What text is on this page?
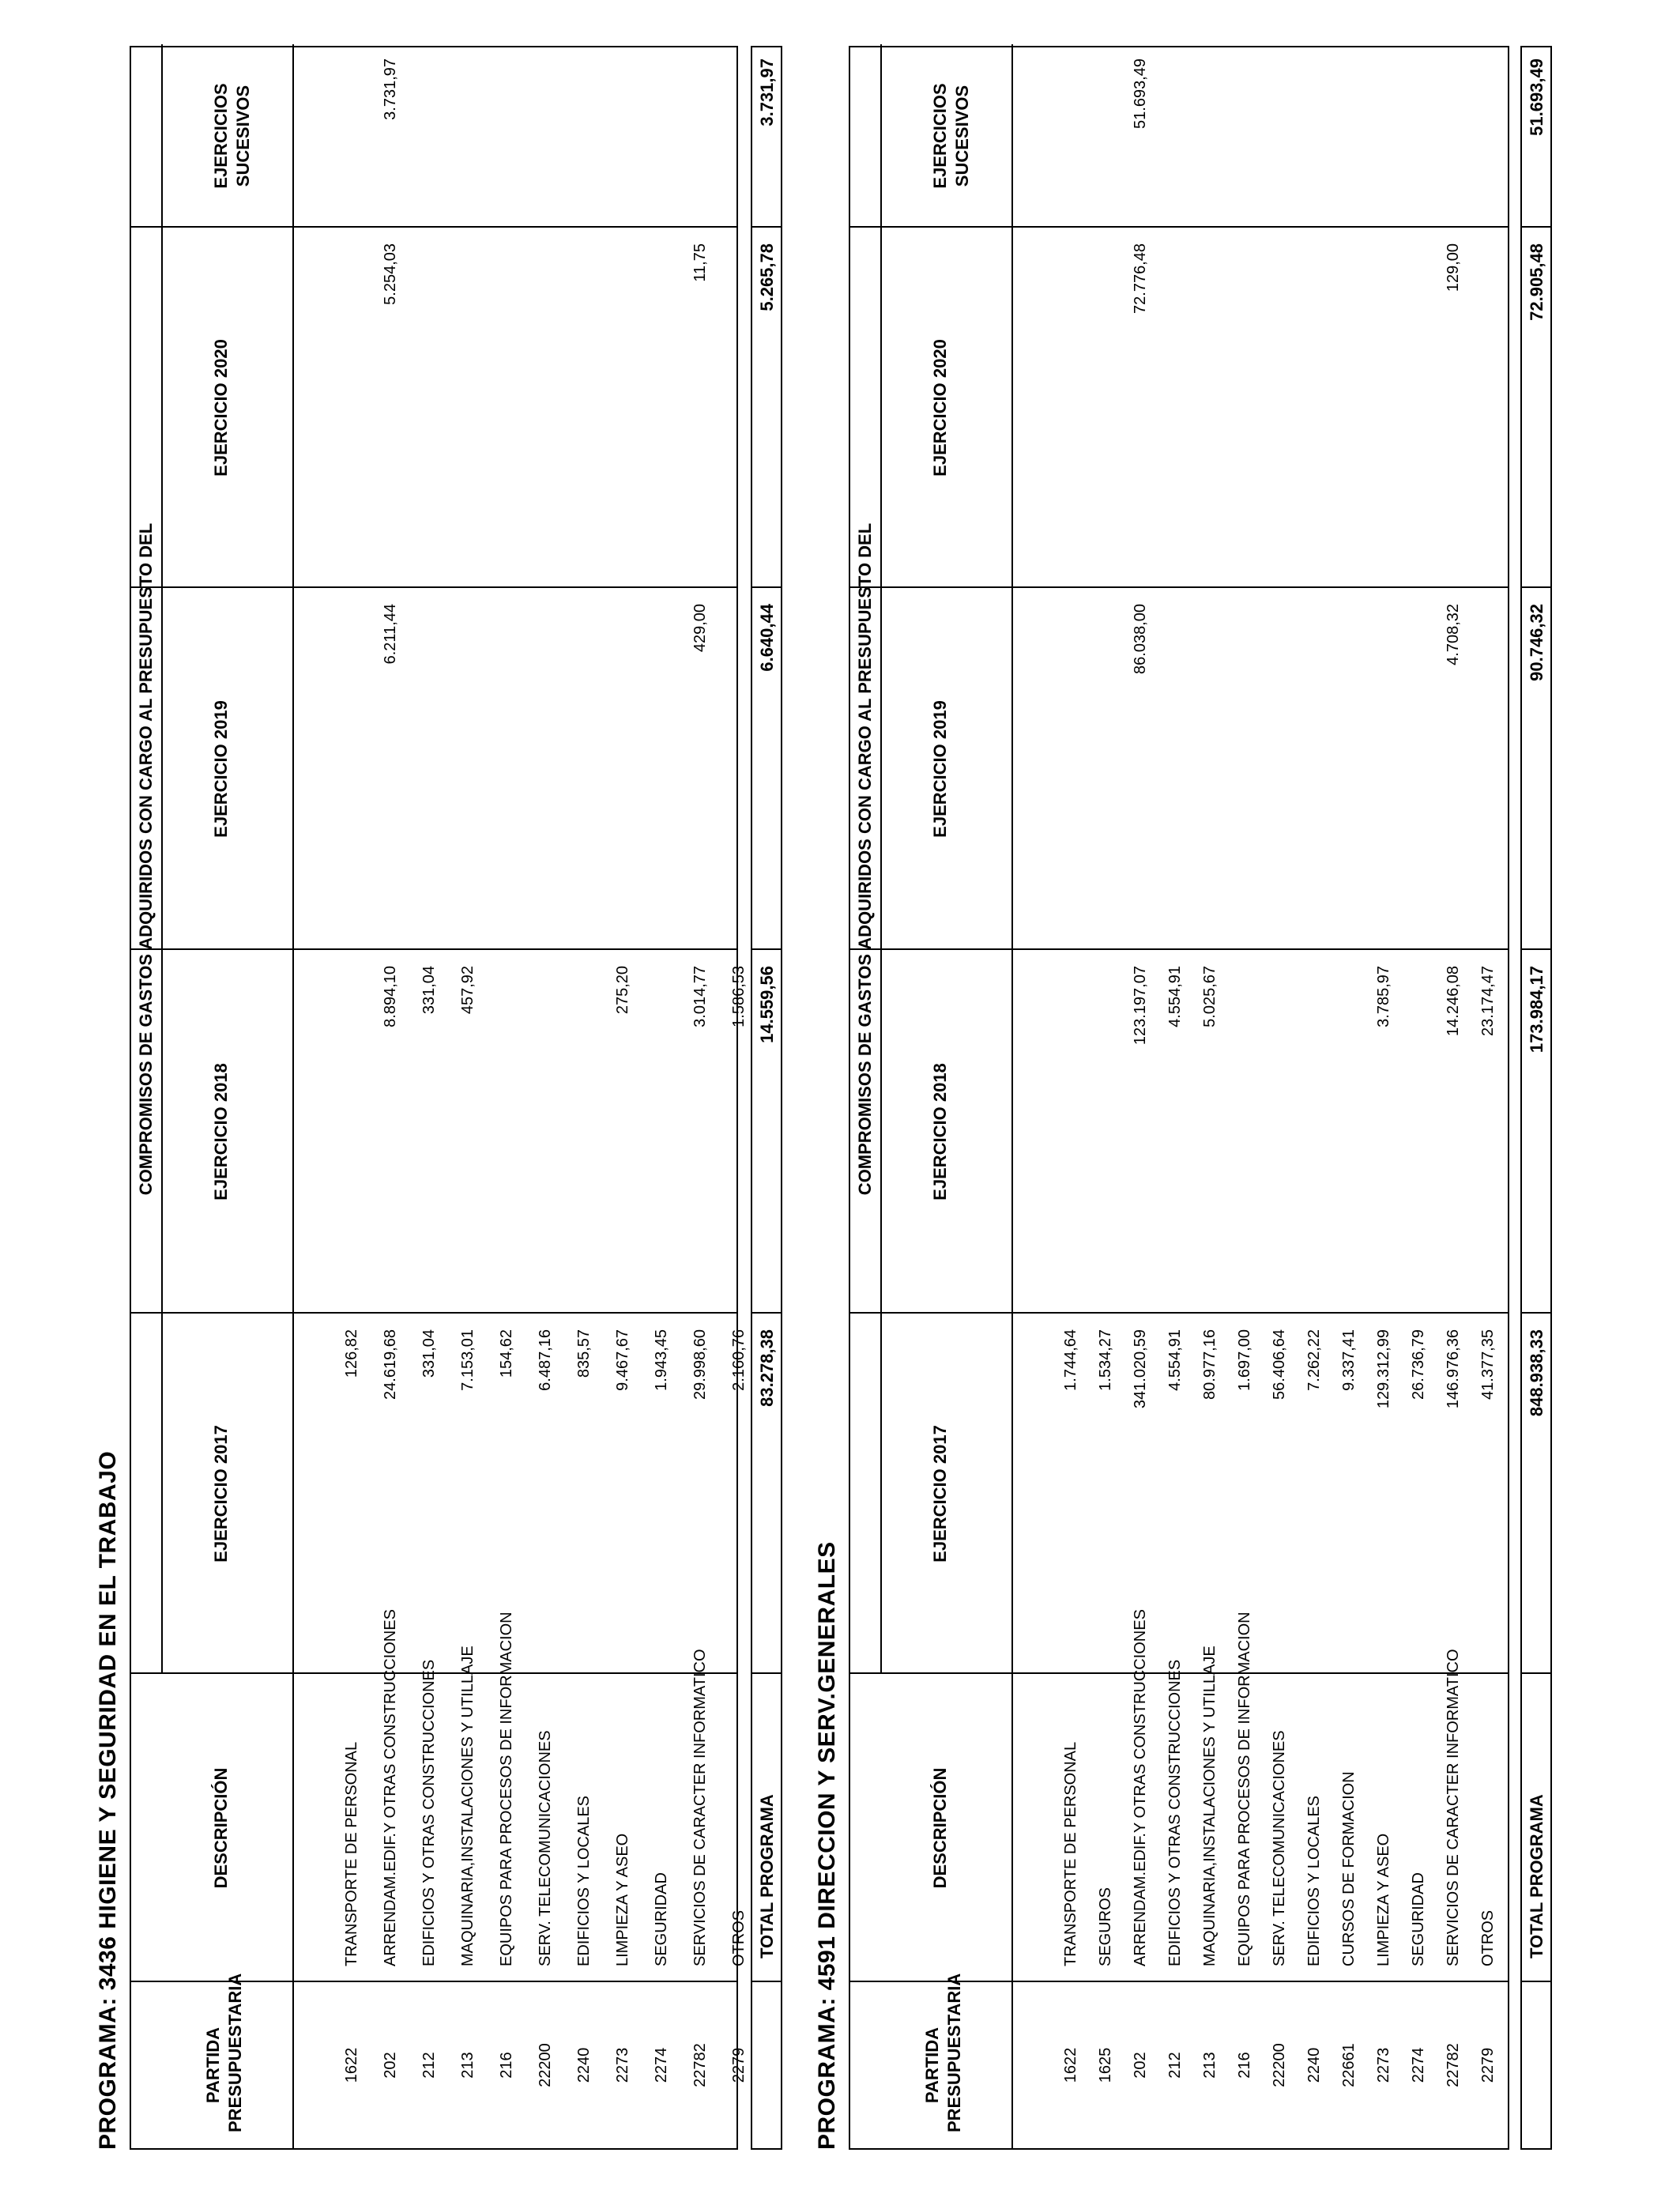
PROGRAMA: 3436 HIGIENE Y SEGURIDAD EN EL TRABAJO	PARTIDA PRESUPUESTARIA
DESCRIPCIÓN
COMPROMISOS DE GASTOS ADQUIRIDOS CON CARGO AL PRESUPUESTO DEL
EJERCICIO 2017
EJERCICIO 2018
EJERCICIO 2019
EJERCICIO 2020
EJERCICIOS SUCESIVOS
1622
TRANSPORTE DE PERSONAL
126,82
202
ARRENDAM.EDIF.Y OTRAS CONSTRUCCIONES
24.619,68
8.894,10
6.211,44
5.254,03
3.731,97
212
EDIFICIOS Y OTRAS CONSTRUCCIONES
331,04
331,04
213
MAQUINARIA,INSTALACIONES Y UTILLAJE
7.153,01
457,92
216
EQUIPOS PARA PROCESOS DE INFORMACION
154,62
22200
SERV. TELECOMUNICACIONES
6.487,16
2240
EDIFICIOS Y LOCALES
835,57
2273
LIMPIEZA Y ASEO
9.467,67
275,20
2274
SEGURIDAD
1.943,45
22782
SERVICIOS DE CARACTER INFORMATICO
29.998,60
3.014,77
429,00
11,75
2279
OTROS
2.160,76
1.586,53
TOTAL PROGRAMA
83.278,38
14.559,56
6.640,44
5.265,78
3.731,97
PROGRAMA: 4591 DIRECCION Y SERV.GENERALES	PARTIDA PRESUPUESTARIA
DESCRIPCIÓN
COMPROMISOS DE GASTOS ADQUIRIDOS CON CARGO AL PRESUPUESTO DEL
EJERCICIO 2017
EJERCICIO 2018
EJERCICIO 2019
EJERCICIO 2020
EJERCICIOS SUCESIVOS
1622
TRANSPORTE DE PERSONAL
1.744,64
1625
SEGUROS
1.534,27
202
ARRENDAM.EDIF.Y OTRAS CONSTRUCCIONES
341.020,59
123.197,07
86.038,00
72.776,48
51.693,49
212
EDIFICIOS Y OTRAS CONSTRUCCIONES
4.554,91
4.554,91
213
MAQUINARIA,INSTALACIONES Y UTILLAJE
80.977,16
5.025,67
216
EQUIPOS PARA PROCESOS DE INFORMACION
1.697,00
22200
SERV. TELECOMUNICACIONES
56.406,64
2240
EDIFICIOS Y LOCALES
7.262,22
22661
CURSOS DE FORMACION
9.337,41
2273
LIMPIEZA Y ASEO
129.312,99
3.785,97
2274
SEGURIDAD
26.736,79
22782
SERVICIOS DE CARACTER INFORMATICO
146.976,36
14.246,08
4.708,32
129,00
2279
OTROS
41.377,35
23.174,47
TOTAL PROGRAMA
848.938,33
173.984,17
90.746,32
72.905,48
51.693,49
